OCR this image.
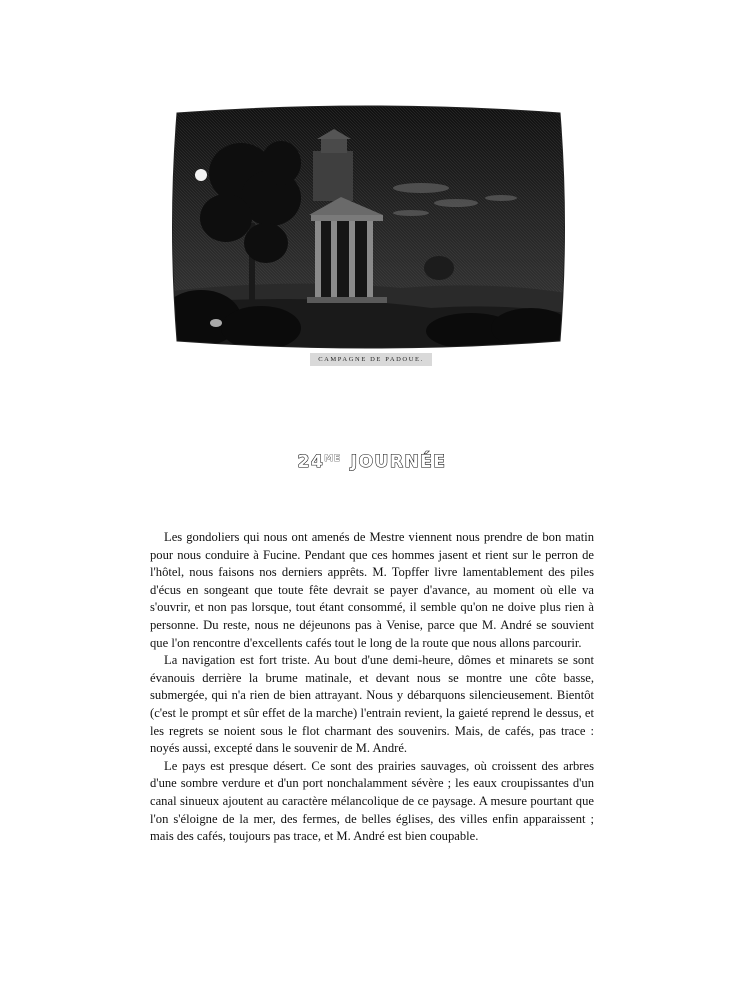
CAMPAGNE DE PADOUE.
$24^{ME}$ JOURNÉE

Les gondoliers qui nous ont amenés de Mestre viennent nous prendre de bon matin pour nous conduire à Fucine. Pendant que ces hommes jasent et rient sur le perron de l'hôtel, nous faisons nos derniers apprêts. M. Topffer livre lamentablement des piles d'écus en songeant que toute fête devrait se payer d'avance, au moment où elle va s'ouvrir, et non pas lorsque, tout étant consommé, il semble qu'on ne doive plus rien à personne. Du reste, nous ne déjeunons pas à Venise, parce que M. André se souvient que l'on rencontre d'excellents cafés tout le long de la route que nous allons parcourir.

La navigation est fort triste. Au bout d'une demi-heure, dômes et minarets se sont évanouis derrière la brume matinale, et devant nous se montre une côte basse, submergée, qui n'a rien de bien attrayant. Nous y débarquons silencieusement. Bientôt (c'est le prompt et sûr effet de la marche) l'entrain revient, la gaieté reprend le dessus, et les regrets se noient sous le flot charmant des souvenirs. Mais, de cafés, pas trace : noyés aussi, excepté dans le souvenir de M. André.

Le pays est presque désert. Ce sont des prairies sauvages, où croissent des arbres d'une sombre verdure et d'un port nonchalamment sévère ; les eaux croupissantes d'un canal sinueux ajoutent au caractère mélancolique de ce paysage. A mesure pourtant que l'on s'éloigne de la mer, des fermes, de belles églises, des villes enfin apparaissent ; mais des cafés, toujours pas trace, et M. André est bien coupable.
